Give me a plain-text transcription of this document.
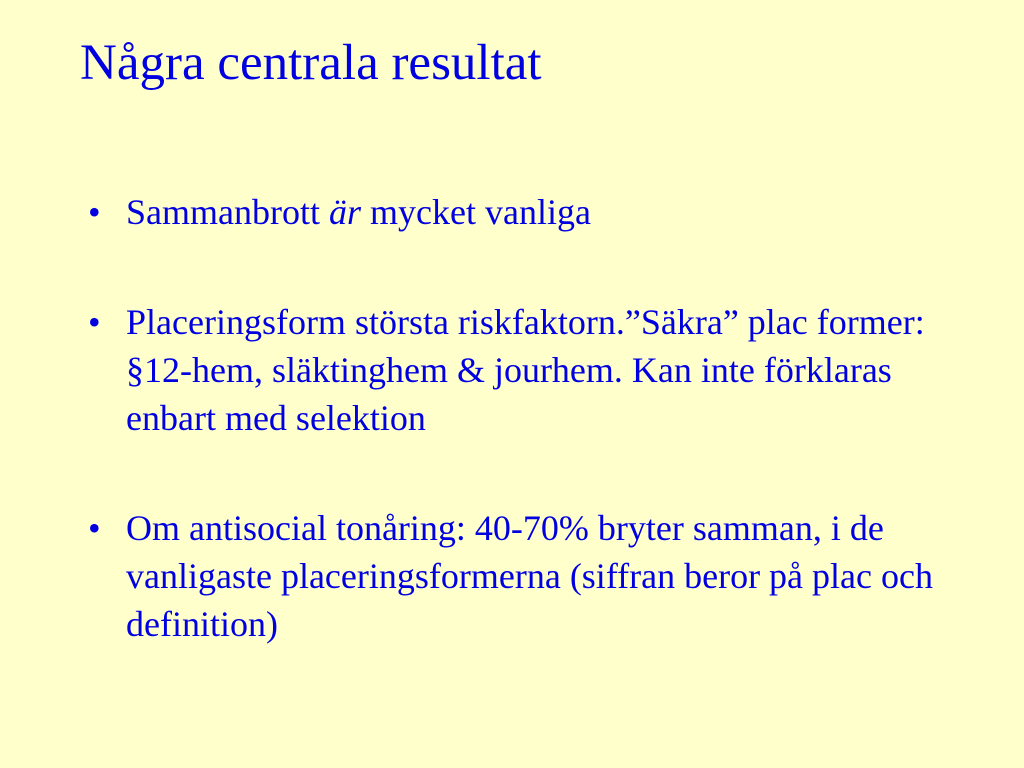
Några centrala resultat
• Sammanbrott är mycket vanliga
• Placeringsform största riskfaktorn.”Säkra” plac former: §12-hem, släktinghem & jourhem. Kan inte förklaras enbart med selektion
• Om antisocial tonåring: 40-70% bryter samman, i de vanligaste placeringsformerna (siffran beror på plac och definition)
